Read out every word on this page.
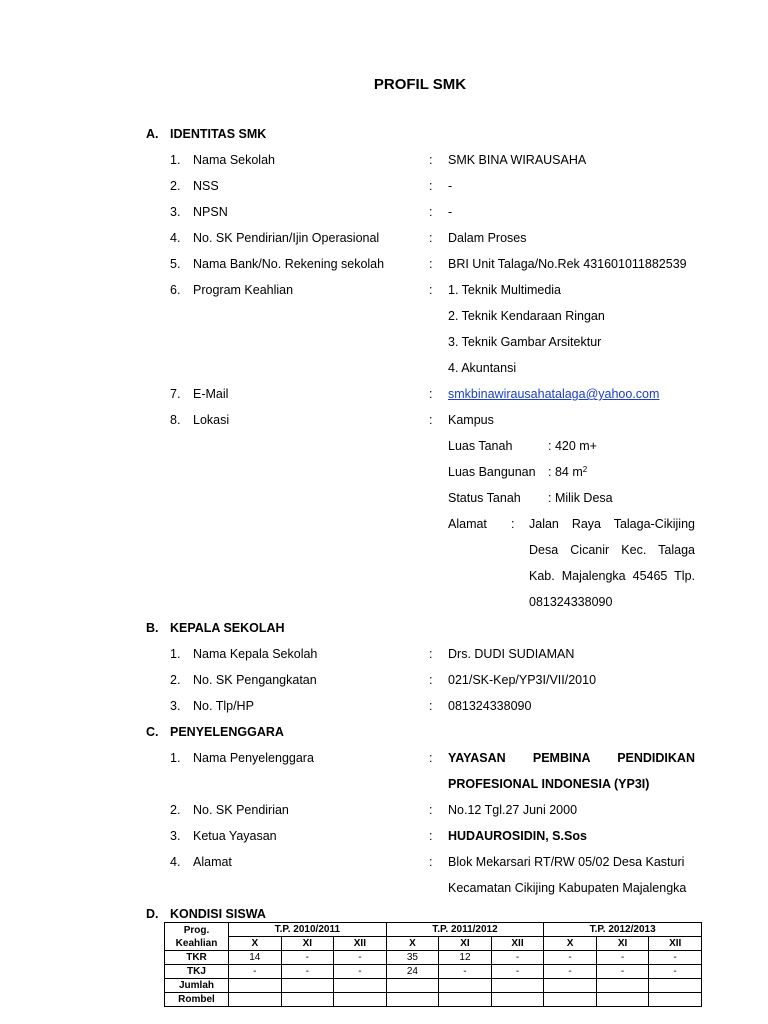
PROFIL SMK
A. IDENTITAS SMK
1. Nama Sekolah	: SMK BINA WIRAUSAHA
2. NSS	: -
3. NPSN	: -
4. No. SK Pendirian/Ijin Operasional	: Dalam Proses
5. Nama Bank/No. Rekening sekolah	: BRI Unit Talaga/No.Rek 431601011882539
6. Program Keahlian	: 1. Teknik Multimedia
2. Teknik Kendaraan Ringan
3. Teknik Gambar Arsitektur
4. Akuntansi
7. E-Mail	: smkbinawirausahatalaga@yahoo.com
8. Lokasi	: Kampus
Luas Tanah	: 420 m+
Luas Bangunan : 84 $m^2$
Status Tanah : Milik Desa
Alamat : Jalan Raya Talaga-Cikijing
Desa Cicanir Kec. Talaga
Kab. Majalengka 45465 Tlp.
081324338090
B. KEPALA SEKOLAH
1. Nama Kepala Sekolah	: Drs. DUDI SUDIAMAN
2. No. SK Pengangkatan	: 021/SK-Kep/YP3I/VII/2010
3. No. Tlp/HP	: 081324338090
C. PENYELENGGARA
1. Nama Penyelenggara	: YAYASAN PEMBINA PENDIDIKAN
PROFESIONAL INDONESIA (YP3I)
2. No. SK Pendirian	: No.12 Tgl.27 Juni 2000
3. Ketua Yayasan	: HUDAUROSIDIN, S.Sos
4. Alamat	: Blok Mekarsari RT/RW 05/02 Desa Kasturi
Kecamatan Cikijing Kabupaten Majalengka
D. KONDISI SISWA
Prog.
Keahlian	T.P. 2010/2011			T.P. 2011/2012			T.P. 2012/2013		
	X	XI	XII	X	XI	XII	X	XI	XII
TKR	14	-	-	35	12	-	-	-	-
TKJ	-	-	-	24	-	-	-	-	-
Jumlah									
Rombel									
